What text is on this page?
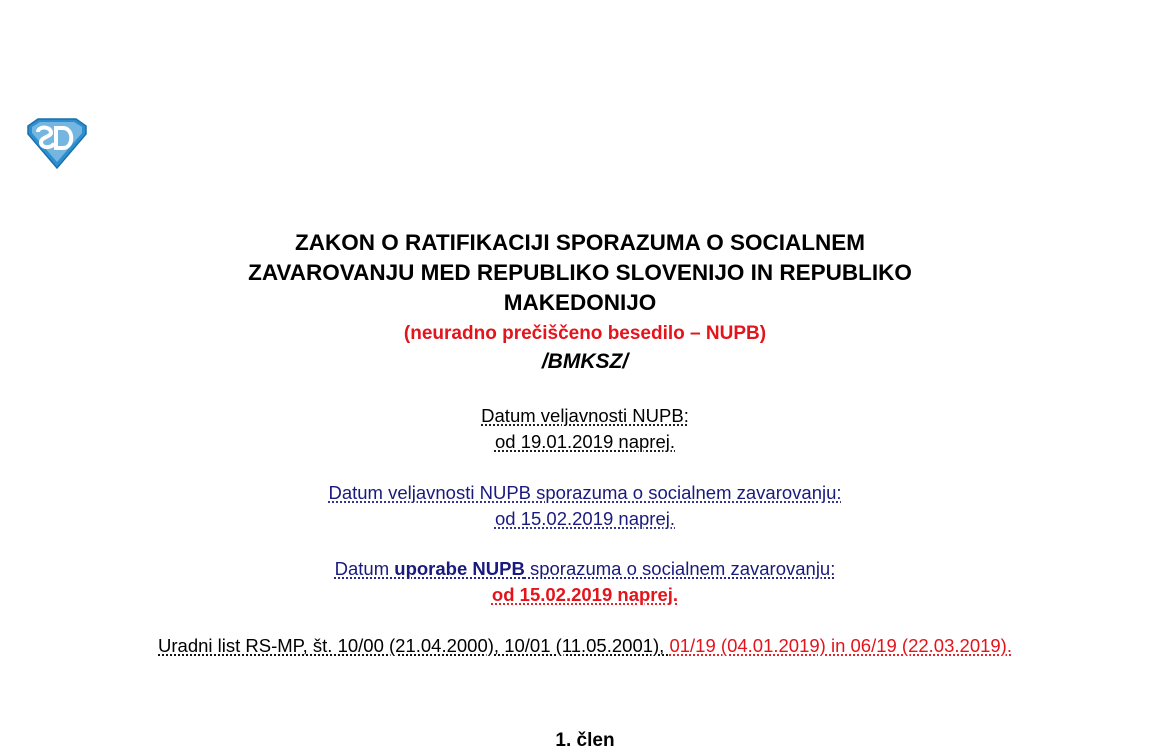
ZAKON O RATIFIKACIJI SPORAZUMA O SOCIALNEM
ZAVAROVANJU MED REPUBLIKO SLOVENIJO IN REPUBLIKO
MAKEDONIJO
(neuradno prečiščeno besedilo – NUPB)
/BMKSZ/
Datum veljavnosti NUPB:
od 19.01.2019 naprej.
Datum veljavnosti NUPB sporazuma o socialnem zavarovanju:
od 15.02.2019 naprej.
Datum uporabe NUPB sporazuma o socialnem zavarovanju:
od 15.02.2019 naprej.
Uradni list RS-MP, št. 10/00 (21.04.2000), 10/01 (11.05.2001), 01/19 (04.01.2019) in 06/19 (22.03.2019).
1. člen
